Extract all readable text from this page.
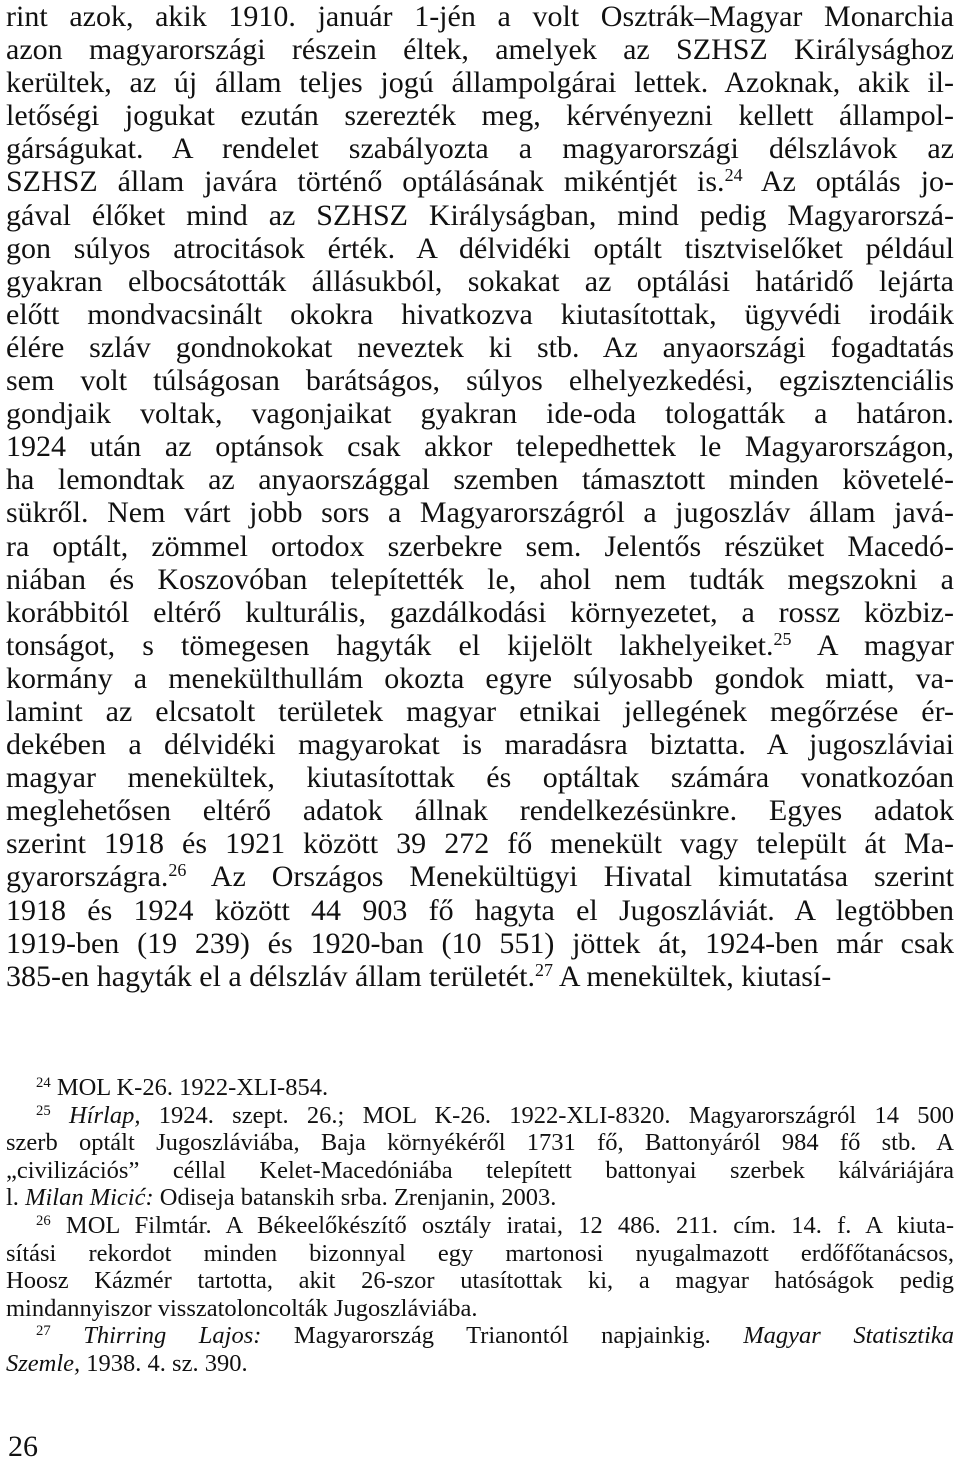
rint azok, akik 1910. január 1-jén a volt Osztrák–Magyar Monarchia
azon magyarországi részein éltek, amelyek az SZHSZ Királysághoz
kerültek, az új állam teljes jogú állampolgárai lettek. Azoknak, akik il-
letőségi jogukat ezután szerezték meg, kérvényezni kellett állampol-
gárságukat. A rendelet szabályozta a magyarországi délszlávok az
SZHSZ állam javára történő optálásának mikéntjét is.$^{24}$ Az optálás jo-
gával élőket mind az SZHSZ Királyságban, mind pedig Magyarorszá-
gon súlyos atrocitások érték. A délvidéki optált tisztviselőket például
gyakran elbocsátották állásukból, sokakat az optálási határidő lejárta
előtt mondvacsinált okokra hivatkozva kiutasítottak, ügyvédi irodáik
élére szláv gondnokokat neveztek ki stb. Az anyaországi fogadtatás
sem volt túlságosan barátságos, súlyos elhelyezkedési, egzisztenciális
gondjaik voltak, vagonjaikat gyakran ide-oda tologatták a határon.
1924 után az optánsok csak akkor telepedhettek le Magyarországon,
ha lemondtak az anyaországgal szemben támasztott minden követelé-
sükről. Nem várt jobb sors a Magyarországról a jugoszláv állam javá-
ra optált, zömmel ortodox szerbekre sem. Jelentős részüket Macedó-
niában és Koszovóban telepítették le, ahol nem tudták megszokni a
korábbitól eltérő kulturális, gazdálkodási környezetet, a rossz közbiz-
tonságot, s tömegesen hagyták el kijelölt lakhelyeiket.$^{25}$ A magyar
kormány a menekülthullám okozta egyre súlyosabb gondok miatt, va-
lamint az elcsatolt területek magyar etnikai jellegének megőrzése ér-
dekében a délvidéki magyarokat is maradásra biztatta. A jugoszláviai
magyar menekültek, kiutasítottak és optáltak számára vonatkozóan
meglehetősen eltérő adatok állnak rendelkezésünkre. Egyes adatok
szerint 1918 és 1921 között 39 272 fő menekült vagy települt át Ma-
gyarországra.$^{26}$ Az Országos Menekültügyi Hivatal kimutatása szerint
1918 és 1924 között 44 903 fő hagyta el Jugoszláviát. A legtöbben
1919-ben (19 239) és 1920-ban (10 551) jöttek át, 1924-ben már csak
385-en hagyták el a délszláv állam területét.$^{27}$ A menekültek, kiutasí-
$^{24}$ MOL K-26. 1922-XLI-854.
$^{25}$ Hírlap, 1924. szept. 26.; MOL K-26. 1922-XLI-8320. Magyarországról 14 500
szerb optált Jugoszláviába, Baja környékéről 1731 fő, Battonyáról 984 fő stb. A
„civilizációs” céllal Kelet-Macedóniába telepített battonyai szerbek kálváriájára
l. Milan Micić: Odiseja batanskih srba. Zrenjanin, 2003.
$^{26}$ MOL Filmtár. A Békeelőkészítő osztály iratai, 12 486. 211. cím. 14. f. A kiuta-
sítási rekordot minden bizonnyal egy martonosi nyugalmazott erdőfőtanácsos,
Hoosz Kázmér tartotta, akit 26-szor utasítottak ki, a magyar hatóságok pedig
mindannyiszor visszatoloncolták Jugoszláviába.
$^{27}$ Thirring Lajos: Magyarország Trianontól napjainkig. Magyar Statisztika
Szemle, 1938. 4. sz. 390.
26
